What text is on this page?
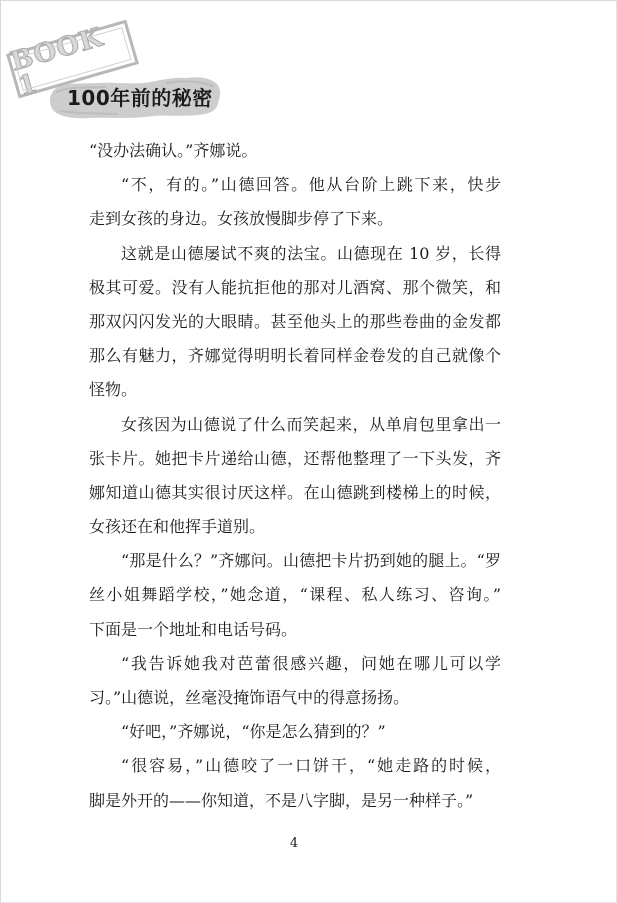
BOOK 1	100年前的秘密
“没办法确认。”齐娜说。
“不，有的。”山德回答。他从台阶上跳下来，快步
走到女孩的身边。女孩放慢脚步停了下来。
这就是山德屡试不爽的法宝。山德现在 10 岁，长得
极其可爱。没有人能抗拒他的那对儿酒窝、那个微笑，和
那双闪闪发光的大眼睛。甚至他头上的那些卷曲的金发都
那么有魅力，齐娜觉得明明长着同样金卷发的自己就像个
怪物。
女孩因为山德说了什么而笑起来，从单肩包里拿出一
张卡片。她把卡片递给山德，还帮他整理了一下头发，齐
娜知道山德其实很讨厌这样。在山德跳到楼梯上的时候，
女孩还在和他挥手道别。
“那是什么？”齐娜问。山德把卡片扔到她的腿上。“罗
丝小姐舞蹈学校，”她念道，“课程、私人练习、咨询。”
下面是一个地址和电话号码。
“我告诉她我对芭蕾很感兴趣，问她在哪儿可以学
习。”山德说，丝毫没掩饰语气中的得意扬扬。
“好吧，”齐娜说，“你是怎么猜到的？”
“很容易，”山德咬了一口饼干，“她走路的时候，
脚是外开的——你知道，不是八字脚，是另一种样子。”
4
